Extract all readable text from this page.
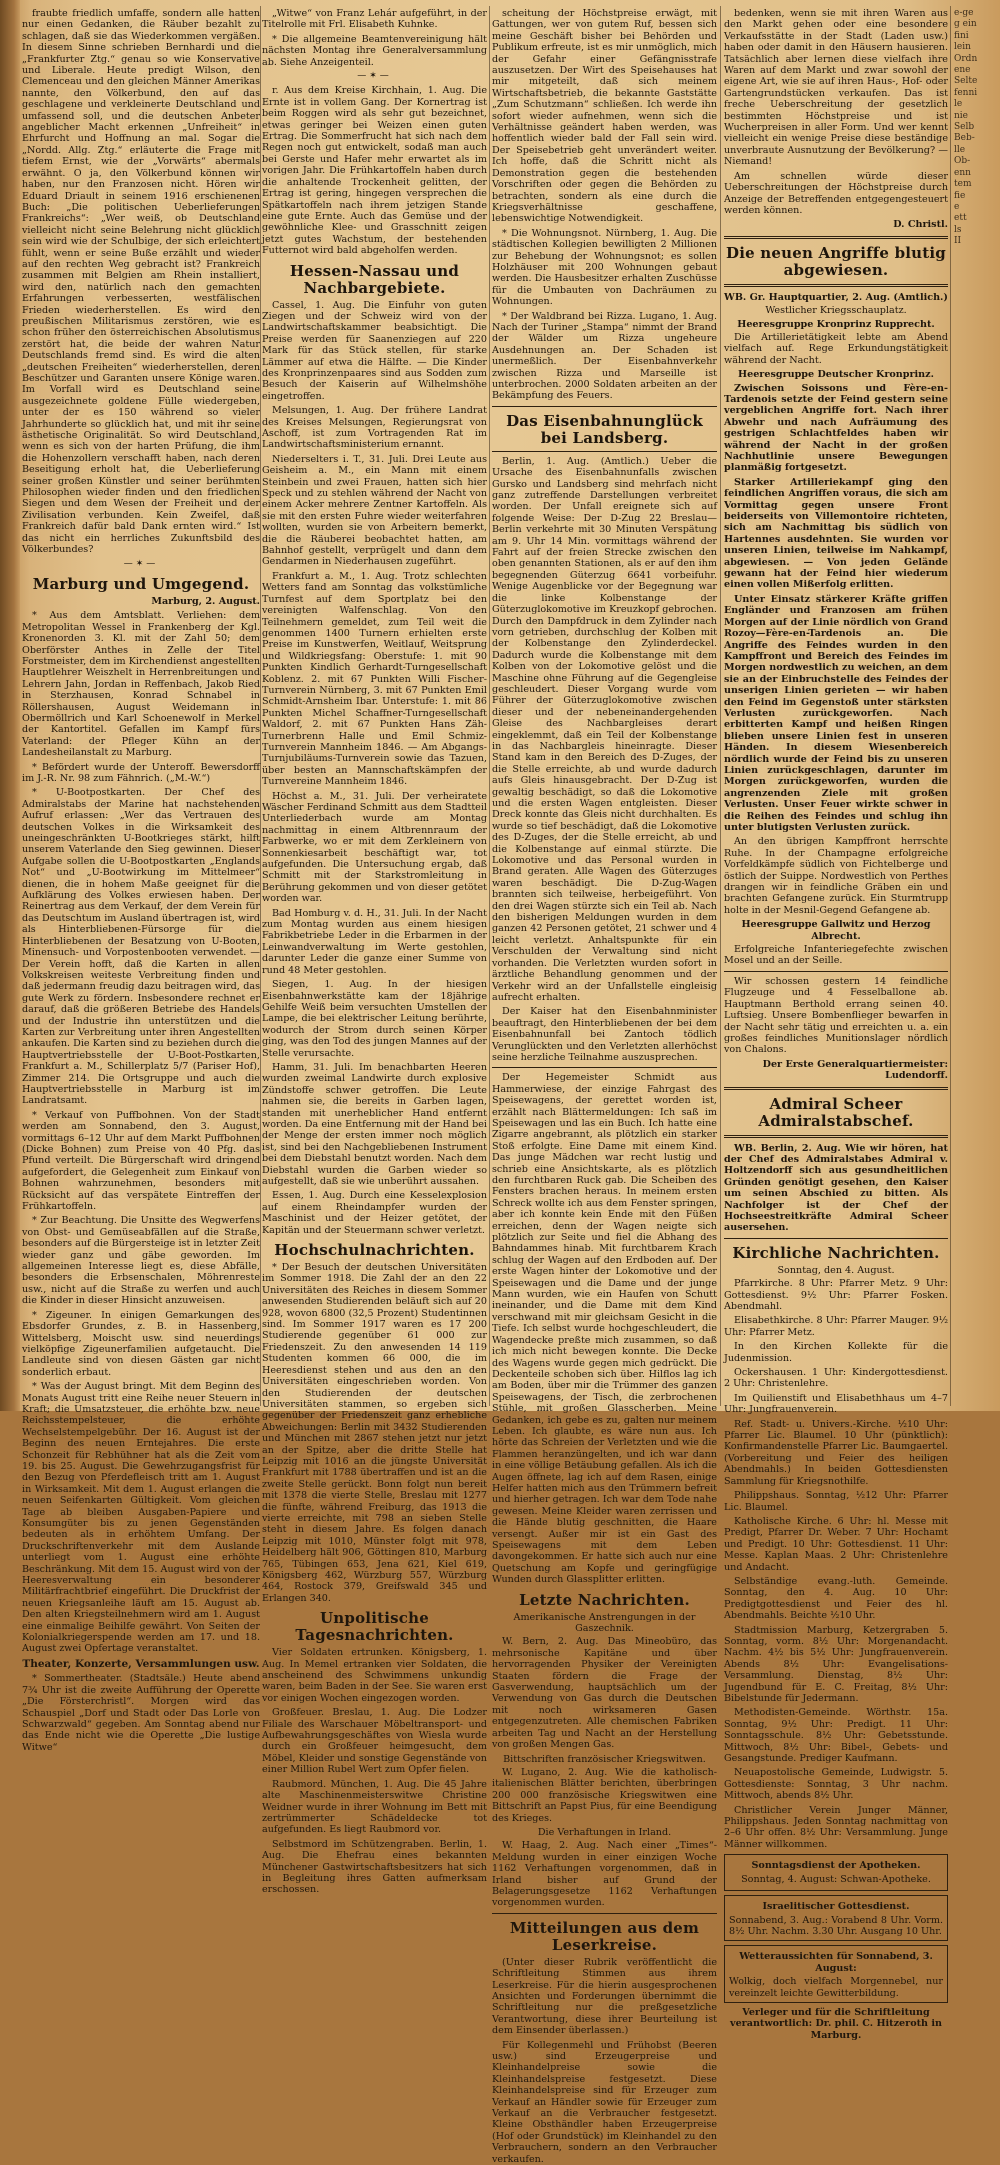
e-ge
g ein
fini
lein
Ordn
ene
Selte
fenni
le
nie
Selb
Beb-
lle
Ob-
enn
tem
fie
e
ett
ls
II

fraubte friedlich umfaffe, sondern alle hatten nur einen Gedanken, die Räuber bezahlt zu schlagen, daß sie das Wiederkommen vergäßen. In diesem Sinne schrieben Bernhardi und die „Frankfurter Ztg.“ genau so wie Konservative und Liberale. Heute predigt Wilson, den Clemenceau und den gleichen Männer Amerikas nannte, den Völkerbund, den auf das geschlagene und verkleinerte Deutschland und umfassend soll, und die deutschen Anbeter angeblicher Macht erkennen „Unfreiheit“ in Ehrfurcht und Hoffnung an mal. Sogar die „Nordd. Allg. Ztg.“ erläuterte die Frage mit tiefem Ernst, wie der „Vorwärts“ abermals erwähnt. O ja, den Völkerbund können wir haben, nur den Franzosen nicht. Hören wir Eduard Driault in seinem 1916 erschienenen Buch: „Die politischen Ueberlieferungen Frankreichs“: „Wer weiß, ob Deutschland vielleicht nicht seine Belehrung nicht glücklich sein wird wie der Schulbige, der sich erleichtert fühlt, wenn er seine Buße erzählt und wieder auf den rechten Weg gebracht ist? Frankreich zusammen mit Belgien am Rhein installiert, wird den, natürlich nach den gemachten Erfahrungen verbesserten, westfälischen Frieden wiederherstellen. Es wird den preußischen Militarismus zerstören, wie es schon früher den österreichischen Absolutismus zerstört hat, die beide der wahren Natur Deutschlands fremd sind. Es wird die alten „deutschen Freiheiten“ wiederherstellen, deren Beschützer und Garanten unsere Könige waren. Im Vorfall wird es Deutschland seine ausgezeichnete goldene Fülle wiedergeben, unter der es 150 während so vieler Jahrhunderte so glücklich hat, und mit ihr seine ästhetische Originalität. So wird Deutschland, wenn es sich von der harten Prüfung, die ihm die Hohenzollern verschafft haben, nach deren Beseitigung erholt hat, die Ueberlieferung seiner großen Künstler und seiner berühmten Philosophen wieder finden und den friedlichen Siegen und dem Wesen der Freiheit und der Zivilisation verbunden. Kein Zweifel, daß Frankreich dafür bald Dank ernten wird.“ Ist das nicht ein herrliches Zukunftsbild des Völkerbundes?

—✶—
Marburg und Umgegend.
Marburg, 2. August.

* Aus dem Amtsblatt. Verliehen: dem Metropolitan Wessel in Frankenberg der Kgl. Kronenorden 3. Kl. mit der Zahl 50; dem Oberförster Anthes in Zelle der Titel Forstmeister, dem im Kirchendienst angestellten Hauptlehrer Weiszhelt in Herrenbreitungen und Lehrern Jahn, Jordan in Reffenbach, Jakob Ried in Sterzhausen, Konrad Schnabel in Röllershausen, August Weidemann in Obermöllrich und Karl Schoenewolf in Merkel der Kantortitel. Gefallen im Kampf fürs Vaterland: der Pfleger Kühn an der Landesheilanstalt zu Marburg.

* Befördert wurde der Unteroff. Bewersdorff im J.-R. Nr. 98 zum Fähnrich. („M.-W.“)

* U-Bootpostkarten. Der Chef des Admiralstabs der Marine hat nachstehenden Aufruf erlassen: „Wer das Vertrauen des deutschen Volkes in die Wirksamkeit des uneingeschränkten U-Bootkrieges stärkt, hilft unserem Vaterlande den Sieg gewinnen. Dieser Aufgabe sollen die U-Bootpostkarten „Englands Not“ und „U-Bootwirkung im Mittelmeer“ dienen, die in hohem Maße geeignet für die Aufklärung des Volkes erwiesen haben. Der Reinertrag aus dem Verkauf, der dem Verein für das Deutschtum im Ausland übertragen ist, wird als Hinterbliebenen-Fürsorge für die Hinterbliebenen der Besatzung von U-Booten, Minensuch- und Vorpostenbooten verwendet. — Der Verein hofft, daß die Karten in allen Volkskreisen weiteste Verbreitung finden und daß jedermann freudig dazu beitragen wird, das gute Werk zu fördern. Insbesondere rechnet er darauf, daß die größeren Betriebe des Handels und der Industrie ihn unterstützen und die Karten zur Verbreitung unter ihren Angestellten ankaufen. Die Karten sind zu beziehen durch die Hauptvertriebsstelle der U-Boot-Postkarten, Frankfurt a. M., Schillerplatz 5/7 (Pariser Hof), Zimmer 214. Die Ortsgruppe und auch die Hauptvertriebsstelle in Marburg ist im Landratsamt.

* Verkauf von Puffbohnen. Von der Stadt werden am Sonnabend, den 3. August, vormittags 6–12 Uhr auf dem Markt Puffbohnen (Dicke Bohnen) zum Preise von 40 Pfg. das Pfund verteilt. Die Bürgerschaft wird dringend aufgefordert, die Gelegenheit zum Einkauf von Bohnen wahrzunehmen, besonders mit Rücksicht auf das verspätete Eintreffen der Frühkartoffeln.

* Zur Beachtung. Die Unsitte des Wegwerfens von Obst- und Gemüseabfällen auf die Straße, besonders auf die Bürgersteige ist in letzter Zeit wieder ganz und gäbe geworden. Im allgemeinen Interesse liegt es, diese Abfälle, besonders die Erbsenschalen, Möhrenreste usw., nicht auf die Straße zu werfen und auch die Kinder in dieser Hinsicht anzuweisen.

* Zigeuner. In einigen Gemarkungen des Ebsdorfer Grundes, z. B. in Hassenberg, Wittelsberg, Moischt usw. sind neuerdings vielköpfige Zigeunerfamilien aufgetaucht. Die Landleute sind von diesen Gästen gar nicht sonderlich erbaut.

* Was der August bringt. Mit dem Beginn des Monats August tritt eine Reihe neuer Steuern in Kraft; die Umsatzsteuer, die erhöhte bzw. neue Reichsstempelsteuer, die erhöhte Wechselstempelgebühr. Der 16. August ist der Beginn des neuen Erntejahres. Die erste Schonzeit für Rebhühner hat als die Zeit vom 19. bis 25. August. Die Gewehrzugangsfrist für den Bezug von Pferdefleisch tritt am 1. August in Wirksamkeit. Mit dem 1. August erlangen die neuen Seifenkarten Gültigkeit. Vom gleichen Tage ab bleiben Ausgaben-Papiere und Konsumgüter bis zu jenen Gegenständen bedeuten als in erhöhtem Umfang. Der Druckschriftenverkehr mit dem Auslande unterliegt vom 1. August eine erhöhte Beschränkung. Mit dem 15. August wird von der Heeresverwaltung ein besonderer Militärfrachtbrief eingeführt. Die Druckfrist der neuen Kriegsanleihe läuft am 15. August ab. Den alten Kriegsteilnehmern wird am 1. August eine einmalige Beihilfe gewährt. Von Seiten der Kolonialkriegerspende werden am 17. und 18. August zwei Opfertage veranstaltet.

Theater, Konzerte, Versammlungen usw.

* Sommertheater. (Stadtsäle.) Heute abend 7¾ Uhr ist die zweite Aufführung der Operette „Die Försterchristl“. Morgen wird das Schauspiel „Dorf und Stadt oder Das Lorle von Schwarzwald“ gegeben. Am Sonntag abend nur das Ende nicht wie die Operette „Die lustige Witwe“

„Witwe“ von Franz Lehár aufgeführt, in der Titelrolle mit Frl. Elisabeth Kuhnke.

* Die allgemeine Beamtenvereinigung hält nächsten Montag ihre Generalversammlung ab. Siehe Anzeigenteil.

—✶—

r. Aus dem Kreise Kirchhain, 1. Aug. Die Ernte ist in vollem Gang. Der Kornertrag ist beim Roggen wird als sehr gut bezeichnet, etwas geringer bei Weizen einen guten Ertrag. Die Sommerfrucht hat sich nach dem Regen noch gut entwickelt, sodaß man auch bei Gerste und Hafer mehr erwartet als im vorigen Jahr. Die Frühkartoffeln haben durch die anhaltende Trockenheit gelitten, der Ertrag ist gering, hingegen versprechen die Spätkartoffeln nach ihrem jetzigen Stande eine gute Ernte. Auch das Gemüse und der gewöhnliche Klee- und Grasschnitt zeigen jetzt gutes Wachstum, der bestehenden Futternot wird bald abgeholfen werden.

Hessen-Nassau und Nachbargebiete.

Cassel, 1. Aug. Die Einfuhr von guten Ziegen und der Schweiz wird von der Landwirtschaftskammer beabsichtigt. Die Preise werden für Saanenziegen auf 220 Mark für das Stück stellen, für starke Lämmer auf etwa die Hälfte. — Die Kinder des Kronprinzenpaares sind aus Sodden zum Besuch der Kaiserin auf Wilhelmshöhe eingetroffen.

Melsungen, 1. Aug. Der frühere Landrat des Kreises Melsungen, Regierungsrat von Aschoff, ist zum Vortragenden Rat im Landwirtschaftsministerium ernannt.

Niederselters i. T., 31. Juli. Drei Leute aus Geisheim a. M., ein Mann mit einem Steinbein und zwei Frauen, hatten sich hier Speck und zu stehlen während der Nacht von einem Acker mehrere Zentner Kartoffeln. Als sie mit den ersten Fuhre wieder weiterfahren wollten, wurden sie von Arbeitern bemerkt, die die Räuberei beobachtet hatten, am Bahnhof gestellt, verprügelt und dann dem Gendarmen in Niederhausen zugeführt.

Frankfurt a. M., 1. Aug. Trotz schlechten Wetters fand am Sonntag das volkstümliche Turnfest auf dem Sportplatz bei den vereinigten Walfenschlag. Von den Teilnehmern gemeldet, zum Teil weit die genommen 1400 Turnern erhielten erste Preise im Kunstwerfen, Weitlauf, Weitsprung und Wildkriegsfang: Oberstufe: 1. mit 90 Punkten Kindlich Gerhardt-Turngesellschaft Koblenz. 2. mit 67 Punkten Willi Fischer-Turnverein Nürnberg, 3. mit 67 Punkten Emil Schmidt-Arnsheim Ibar. Unterstufe: 1. mit 86 Punkten Michel Schaffner-Turngesellschaft Waldorf, 2. mit 67 Punkten Hans Zäh-Turnerbrenn Halle und Emil Schmiz-Turnverein Mannheim 1846. — Am Abgangs-Turnjubiläums-Turnverein sowie das Tazuen, über besten an Mannschaftskämpfen der Turnvereine Mannheim 1846.

Höchst a. M., 31. Juli. Der verheiratete Wäscher Ferdinand Schmitt aus dem Stadtteil Unterliederbach wurde am Montag nachmittag in einem Altbrennraum der Farbwerke, wo er mit dem Zerkleinern von Sonnenkiesarbeit beschäftigt war, tot aufgefunden. Die Untersuchung ergab, daß Schmitt mit der Starkstromleitung in Berührung gekommen und von dieser getötet worden war.

Bad Homburg v. d. H., 31. Juli. In der Nacht zum Montag wurden aus einem hiesigen Fabrikbetriebe Leder in die Erbarmen in der Leinwandverwaltung im Werte gestohlen, darunter Leder die ganze einer Summe von rund 48 Meter gestohlen.

Siegen, 1. Aug. In der hiesigen Eisenbahnwerkstätte kam der 18jährige Gehilfe Weiß beim versuchten Umstellen der Lampe, die bei elektrischer Leitung berührte, wodurch der Strom durch seinen Körper ging, was den Tod des jungen Mannes auf der Stelle verursachte.

Hamm, 31. Juli. Im benachbarten Heeren wurden zweimal Landwirte durch explosive Zündstoffe schwer getroffen. Die Leute nahmen sie, die bereits in Garben lagen, standen mit unerheblicher Hand entfernt worden. Da eine Entfernung mit der Hand bei der Menge der ersten immer noch möglich ist, sind bei den Nachgebliebenen Instrument bei dem Diebstahl benutzt worden. Nach dem Diebstahl wurden die Garben wieder so aufgestellt, daß sie wie unberührt aussahen.

Essen, 1. Aug. Durch eine Kesselexplosion auf einem Rheindampfer wurden der Maschinist und der Heizer getötet, der Kapitän und der Steuermann schwer verletzt.

Hochschulnachrichten.

* Der Besuch der deutschen Universitäten im Sommer 1918. Die Zahl der an den 22 Universitäten des Reiches in diesem Sommer anwesenden Studierenden beläuft sich auf 20 928, wovon 6800 (32,5 Prozent) Studentinnen sind. Im Sommer 1917 waren es 17 200 Studierende gegenüber 61 000 zur Friedenszeit. Zu den anwesenden 14 119 Studenten kommen 66 000, die im Heeresdienst stehen und aus den an den Universitäten eingeschrieben worden. Von den Studierenden der deutschen Universitäten stammen, so ergeben sich gegenüber der Friedenszeit ganz erhebliche Abweichungen: Berlin mit 3432 Studierenden und München mit 2867 stehen jetzt nur jetzt an der Spitze, aber die dritte Stelle hat Leipzig mit 1016 an die jüngste Universität Frankfurt mit 1788 übertraffen und ist an die zweite Stelle gerückt. Bonn folgt nun bereit mit 1378 die vierte Stelle, Breslau mit 1277 die fünfte, während Freiburg, das 1913 die vierte erreichte, mit 798 an sieben Stelle steht in diesem Jahre. Es folgen danach Leipzig mit 1010, Münster folgt mit 978, Heidelberg hält 906, Göttingen 810, Marburg 765, Tübingen 653, Jena 621, Kiel 619, Königsberg 462, Würzburg 557, Würzburg 464, Rostock 379, Greifswald 345 und Erlangen 340.

Unpolitische Tagesnachrichten.

Vier Soldaten ertrunken. Königsberg, 1. Aug. In Memel ertranken vier Soldaten, die anscheinend des Schwimmens unkundig waren, beim Baden in der See. Sie waren erst vor einigen Wochen eingezogen worden.

Großfeuer. Breslau, 1. Aug. Die Lodzer Filiale des Warschauer Möbeltransport- und Aufbewahrungsgeschäftes von Wiesla wurde durch ein Großfeuer heimgesucht, dem Möbel, Kleider und sonstige Gegenstände von einer Million Rubel Wert zum Opfer fielen.

Raubmord. München, 1. Aug. Die 45 Jahre alte Maschinenmeisterswitwe Christine Weidner wurde in ihrer Wohnung im Bett mit zertrümmerter Schädeldecke tot aufgefunden. Es liegt Raubmord vor.

Selbstmord im Schützengraben. Berlin, 1. Aug. Die Ehefrau eines bekannten Münchener Gastwirtschaftsbesitzers hat sich in Begleitung ihres Gatten aufmerksam erschossen.

scheitung der Höchstpreise erwägt, mit Gattungen, wer von gutem Ruf, bessen sich meine Geschäft bisher bei Behörden und Publikum erfreute, ist es mir unmöglich, mich der Gefahr einer Gefängnisstrafe auszusetzen. Der Wirt des Speisehauses hat mir mitgeteilt, daß sich meinem Wirtschaftsbetrieb, die bekannte Gaststätte „Zum Schutzmann“ schließen. Ich werde ihn sofort wieder aufnehmen, wenn sich die Verhältnisse geändert haben werden, was hoffentlich wieder bald der Fall sein wird. Der Speisebetrieb geht unverändert weiter. Ich hoffe, daß die Schritt nicht als Demonstration gegen die bestehenden Vorschriften oder gegen die Behörden zu betrachten, sondern als eine durch die Kriegsverhältnisse geschaffene, lebenswichtige Notwendigkeit.

* Die Wohnungsnot. Nürnberg, 1. Aug. Die städtischen Kollegien bewilligten 2 Millionen zur Behebung der Wohnungsnot; es sollen Holzhäuser mit 200 Wohnungen gebaut werden. Die Hausbesitzer erhalten Zuschüsse für die Umbauten von Dachräumen zu Wohnungen.

* Der Waldbrand bei Rizza. Lugano, 1. Aug. Nach der Turiner „Stampa“ nimmt der Brand der Wälder um Rizza ungeheure Ausdehnungen an. Der Schaden ist unermeßlich. Der Eisenbahnverkehr zwischen Rizza und Marseille ist unterbrochen. 2000 Soldaten arbeiten an der Bekämpfung des Feuers.

Das Eisenbahnunglück bei Landsberg.

Berlin, 1. Aug. (Amtlich.) Ueber die Ursache des Eisenbahnunfalls zwischen Gursko und Landsberg sind mehrfach nicht ganz zutreffende Darstellungen verbreitet worden. Der Unfall ereignete sich auf folgende Weise: Der D-Zug 22 Breslau—Berlin verkehrte mit 30 Minuten Verspätung am 9. Uhr 14 Min. vormittags während der Fahrt auf der freien Strecke zwischen den oben genannten Stationen, als er auf den ihm begegnenden Güterzug 6641 vorbeifuhr. Wenige Augenblicke vor der Begegnung war die linke Kolbenstange der Güterzuglokomotive im Kreuzkopf gebrochen. Durch den Dampfdruck in dem Zylinder nach vorn getrieben, durchschlug der Kolben mit der Kolbenstange den Zylinderdeckel. Dadurch wurde die Kolbenstange mit dem Kolben von der Lokomotive gelöst und die Maschine ohne Führung auf die Gegengleise geschleudert. Dieser Vorgang wurde vom Führer der Güterzuglokomotive zwischen dieser und der nebeneinandergehenden Gleise des Nachbargleises derart eingeklemmt, daß ein Teil der Kolbenstange in das Nachbargleis hineinragte. Dieser Stand kam in den Bereich des D-Zuges, der die Stelle erreichte, ab und wurde dadurch aufs Gleis hinausgebracht. Der D-Zug ist gewaltig beschädigt, so daß die Lokomotive und die ersten Wagen entgleisten. Dieser Dreck konnte das Gleis nicht durchhalten. Es wurde so tief beschädigt, daß die Lokomotive des D-Zuges, der die Stelle erreicht, ab und die Kolbenstange auf einmal stürzte. Die Lokomotive und das Personal wurden in Brand geraten. Alle Wagen des Güterzuges waren beschädigt. Die D-Zug-Wagen brannten sich teilweise, herbeigeführt. Von den drei Wagen stürzte sich ein Teil ab. Nach den bisherigen Meldungen wurden in dem ganzen 42 Personen getötet, 21 schwer und 4 leicht verletzt. Anhaltspunkte für ein Verschulden der Verwaltung sind nicht vorhanden. Die Verletzten wurden sofort in ärztliche Behandlung genommen und der Verkehr wird an der Unfallstelle eingleisig aufrecht erhalten.

Der Kaiser hat den Eisenbahnminister beauftragt, den Hinterbliebenen der bei dem Eisenbahnunfall bei Zantoch tödlich Verunglückten und den Verletzten allerhöchst seine herzliche Teilnahme auszusprechen.

Der Hegemeister Schmidt aus Hammerwiese, der einzige Fahrgast des Speisewagens, der gerettet worden ist, erzählt nach Blättermeldungen: Ich saß im Speisewagen und las ein Buch. Ich hatte eine Zigarre angebrannt, als plötzlich ein starker Stoß erfolgte. Eine Dame mit einem Kind. Das junge Mädchen war recht lustig und schrieb eine Ansichtskarte, als es plötzlich den furchtbaren Ruck gab. Die Scheiben des Fensters brachen heraus. In meinem ersten Schreck wollte ich aus dem Fenster springen, aber ich konnte kein Ende mit den Füßen erreichen, denn der Wagen neigte sich plötzlich zur Seite und fiel die Abhang des Bahndammes hinab. Mit furchtbarem Krach schlug der Wagen auf den Erdboden auf. Der erste Wagen hinter der Lokomotive und der Speisewagen und die Dame und der junge Mann wurden, wie ein Haufen von Schutt ineinander, und die Dame mit dem Kind verschwand mit mir gleichsam Gesicht in die Tiefe. Ich selbst wurde hochgeschleudert, die Wagendecke preßte mich zusammen, so daß ich mich nicht bewegen konnte. Die Decke des Wagens wurde gegen mich gedrückt. Die Deckenteile schoben sich über. Hilflos lag ich am Boden, über mir die Trümmer des ganzen Speisewagens, der Tisch, die zerbrochenen Stühle, mit großen Glasscherben. Meine Gedanken, ich gebe es zu, galten nur meinem Leben. Ich glaubte, es wäre nun aus. Ich hörte das Schreien der Verletzten und wie die Flammen heranzüngelten, und ich war dann in eine völlige Betäubung gefallen. Als ich die Augen öffnete, lag ich auf dem Rasen, einige Helfer hatten mich aus den Trümmern befreit und hierher getragen. Ich war dem Tode nahe gewesen. Meine Kleider waren zerrissen und die Hände blutig geschnitten, die Haare versengt. Außer mir ist ein Gast des Speisewagens mit dem Leben davongekommen. Er hatte sich auch nur eine Quetschung am Kopfe und geringfügige Wunden durch Glassplitter erlitten.

Letzte Nachrichten.

Amerikanische Anstrengungen in der Gaszechnik.

W. Bern, 2. Aug. Das Mineobüro, das mehrsonische Kapitäne und über hervorragenden Physiker der Vereinigten Staaten fördern die Frage der Gasverwendung, hauptsächlich um der Verwendung von Gas durch die Deutschen mit noch wirksameren Gasen entgegenzutreten. Alle chemischen Fabriken arbeiten Tag und Nacht an der Herstellung von großen Mengen Gas.

Bittschriften französischer Kriegswitwen.

W. Lugano, 2. Aug. Wie die katholisch-italienischen Blätter berichten, überbringen 200 000 französische Kriegswitwen eine Bittschrift an Papst Pius, für eine Beendigung des Krieges.

Die Verhaftungen in Irland.

W. Haag, 2. Aug. Nach einer „Times“-Meldung wurden in einer einzigen Woche 1162 Verhaftungen vorgenommen, daß in Irland bisher auf Grund der Belagerungsgesetze 1162 Verhaftungen vorgenommen wurden.

Mitteilungen aus dem Leserkreise.

(Unter dieser Rubrik veröffentlicht die Schriftleitung Stimmen aus ihrem Leserkreise. Für die hierin ausgesprochenen Ansichten und Forderungen übernimmt die Schriftleitung nur die preßgesetzliche Verantwortung, diese ihrer Beurteilung ist dem Einsender überlassen.)

Für Kollegenmehl und Frühobst (Beeren usw.) sind Erzeugerpreise und Kleinhandelpreise sowie die Kleinhandelspreise festgesetzt. Diese Kleinhandelspreise sind für Erzeuger zum Verkauf an Händler sowie für Erzeuger zum Verkauf an die Verbraucher festgesetzt. Kleine Obsthändler haben Erzeugerpreise (Hof oder Grundstück) im Kleinhandel zu den Verbrauchern, sondern an den Verbraucher verkaufen.

bedenken, wenn sie mit ihren Waren aus den Markt gehen oder eine besondere Verkaufsstätte in der Stadt (Laden usw.) haben oder damit in den Häusern hausieren. Tatsächlich aber lernen diese vielfach ihre Waren auf dem Markt und zwar sowohl der eigene Art, wie sie auf ihren Haus-, Hof- oder Gartengrundstücken verkaufen. Das ist freche Ueberschreitung der gesetzlich bestimmten Höchstpreise und ist Wucherpreisen in aller Form. Und wer kennt vielleicht ein wenige Preise diese beständige unverbraute Ausnutzung der Bevölkerung? — Niemand!

Am schnellen würde dieser Ueberschreitungen der Höchstpreise durch Anzeige der Betreffenden entgegengesteuert werden können.

D. Christl.
Die neuen Angriffe blutig abgewiesen.

WB. Gr. Hauptquartier, 2. Aug. (Amtlich.)

Westlicher Kriegsschauplatz.

Heeresgruppe Kronprinz Rupprecht.

Die Artillerietätigkeit lebte am Abend vielfach auf. Rege Erkundungstätigkeit während der Nacht.

Heeresgruppe Deutscher Kronprinz.

Zwischen Soissons und Fère-en-Tardenois setzte der Feind gestern seine vergeblichen Angriffe fort. Nach ihrer Abwehr und nach Aufräumung des gestrigen Schlachtfeldes haben wir während der Nacht in der großen Nachhutlinie unsere Bewegungen planmäßig fortgesetzt.

Starker Artilleriekampf ging den feindlichen Angriffen voraus, die sich am Vormittag gegen unsere Front beiderseits von Villemontoire richteten, sich am Nachmittag bis südlich von Hartennes ausdehnten. Sie wurden vor unseren Linien, teilweise im Nahkampf, abgewiesen. — Von jeden Gelände gewann hat der Feind hier wiederum einen vollen Mißerfolg erlitten.

Unter Einsatz stärkerer Kräfte griffen Engländer und Franzosen am frühen Morgen auf der Linie nördlich von Grand Rozoy—Fère-en-Tardenois an. Die Angriffe des Feindes wurden in den Kampffront und Bereich des Feindes im Morgen nordwestlich zu weichen, an dem sie an der Einbruchstelle des Feindes der unserigen Linien gerieten — wir haben den Feind im Gegenstoß unter stärksten Verlusten zurückgeworfen. Nach erbitterten Kampf und heißen Ringen blieben unsere Linien fest in unseren Händen. In diesem Wiesenbereich nördlich wurde der Feind bis zu unseren Linien zurückgeschlagen, darunter im Morgen zurückgeworfen, wurden die angrenzenden Ziele mit großen Verlusten. Unser Feuer wirkte schwer in die Reihen des Feindes und schlug ihn unter blutigsten Verlusten zurück.

An den übrigen Kampffront herrschte Ruhe. In der Champagne erfolgreiche Vorfeldkämpfe südlich von Fichtelberge und östlich der Suippe. Nordwestlich von Perthes drangen wir in feindliche Gräben ein und brachten Gefangene zurück. Ein Sturmtrupp holte in der Mesnil-Gegend Gefangene ab.

Heeresgruppe Gallwitz und Herzog Albrecht.

Erfolgreiche Infanteriegefechte zwischen Mosel und an der Seille.

Wir schossen gestern 14 feindliche Flugzeuge und 4 Fesselballone ab. Hauptmann Berthold errang seinen 40. Luftsieg. Unsere Bombenflieger bewarfen in der Nacht sehr tätig und erreichten u. a. ein großes feindliches Munitionslager nördlich von Chalons.

Der Erste Generalquartiermeister: Ludendorff.
Admiral Scheer Admiralstabschef.

WB. Berlin, 2. Aug. Wie wir hören, hat der Chef des Admiralstabes Admiral v. Holtzendorff sich aus gesundheitlichen Gründen genötigt gesehen, den Kaiser um seinen Abschied zu bitten. Als Nachfolger ist der Chef der Hochseestreitkräfte Admiral Scheer ausersehen.

Kirchliche Nachrichten.

Sonntag, den 4. August.

Pfarrkirche. 8 Uhr: Pfarrer Metz. 9 Uhr: Gottesdienst. 9½ Uhr: Pfarrer Fosken. Abendmahl.

Elisabethkirche. 8 Uhr: Pfarrer Mauger. 9½ Uhr: Pfarrer Metz.

In den Kirchen Kollekte für die Judenmission.

Ockershausen. 1 Uhr: Kindergottesdienst. 2 Uhr: Christenlehre.

Im Quilienstift und Elisabethhaus um 4–7 Uhr: Jungfrauenverein.

Ref. Stadt- u. Univers.-Kirche. ½10 Uhr: Pfarrer Lic. Blaumel. 10 Uhr (pünktlich): Konfirmandenstelle Pfarrer Lic. Baumgaertel. (Vorbereitung und Feier des heiligen Abendmahls.) In beiden Gottesdiensten Sammlung für Kriegsnothilfe.

Philippshaus. Sonntag, ½12 Uhr: Pfarrer Lic. Blaumel.

Katholische Kirche. 6 Uhr: hl. Messe mit Predigt, Pfarrer Dr. Weber. 7 Uhr: Hochamt und Predigt. 10 Uhr: Gottesdienst. 11 Uhr: Messe. Kaplan Maas. 2 Uhr: Christenlehre und Andacht.

Selbständige evang.-luth. Gemeinde. Sonntag, den 4. Aug. 10 Uhr: Predigtgottesdienst und Feier des hl. Abendmahls. Beichte ½10 Uhr.

Stadtmission Marburg, Ketzergraben 5. Sonntag, vorm. 8½ Uhr: Morgenandacht. Nachm. 4½ bis 5½ Uhr: Jungfrauenverein. Abends 8½ Uhr: Evangelisations-Versammlung. Dienstag, 8½ Uhr: Jugendbund für E. C. Freitag, 8½ Uhr: Bibelstunde für Jedermann.

Methodisten-Gemeinde. Wörthstr. 15a. Sonntag, 9½ Uhr: Predigt. 11 Uhr: Sonntagsschule. 8½ Uhr: Gebetsstunde. Mittwoch, 8½ Uhr: Bibel-, Gebets- und Gesangstunde. Prediger Kaufmann.

Neuapostolische Gemeinde, Ludwigstr. 5. Gottesdienste: Sonntag, 3 Uhr nachm. Mittwoch, abends 8½ Uhr.

Christlicher Verein Junger Männer, Philippshaus. Jeden Sonntag nachmittag von 2–6 Uhr offen. 8½ Uhr: Versammlung. Junge Männer willkommen.

Sonntagsdienst der Apotheken.
Sonntag, 4. August: Schwan-Apotheke.
Israelitischer Gottesdienst.
Sonnabend, 3. Aug.: Vorabend 8 Uhr. Vorm. 8½ Uhr. Nachm. 3.30 Uhr. Ausgang 10 Uhr.
Wetteraussichten für Sonnabend, 3. August:
Wolkig, doch vielfach Morgennebel, nur vereinzelt leichte Gewitterbildung.

Verleger und für die Schriftleitung verantwortlich: Dr. phil. C. Hitzeroth in Marburg.
